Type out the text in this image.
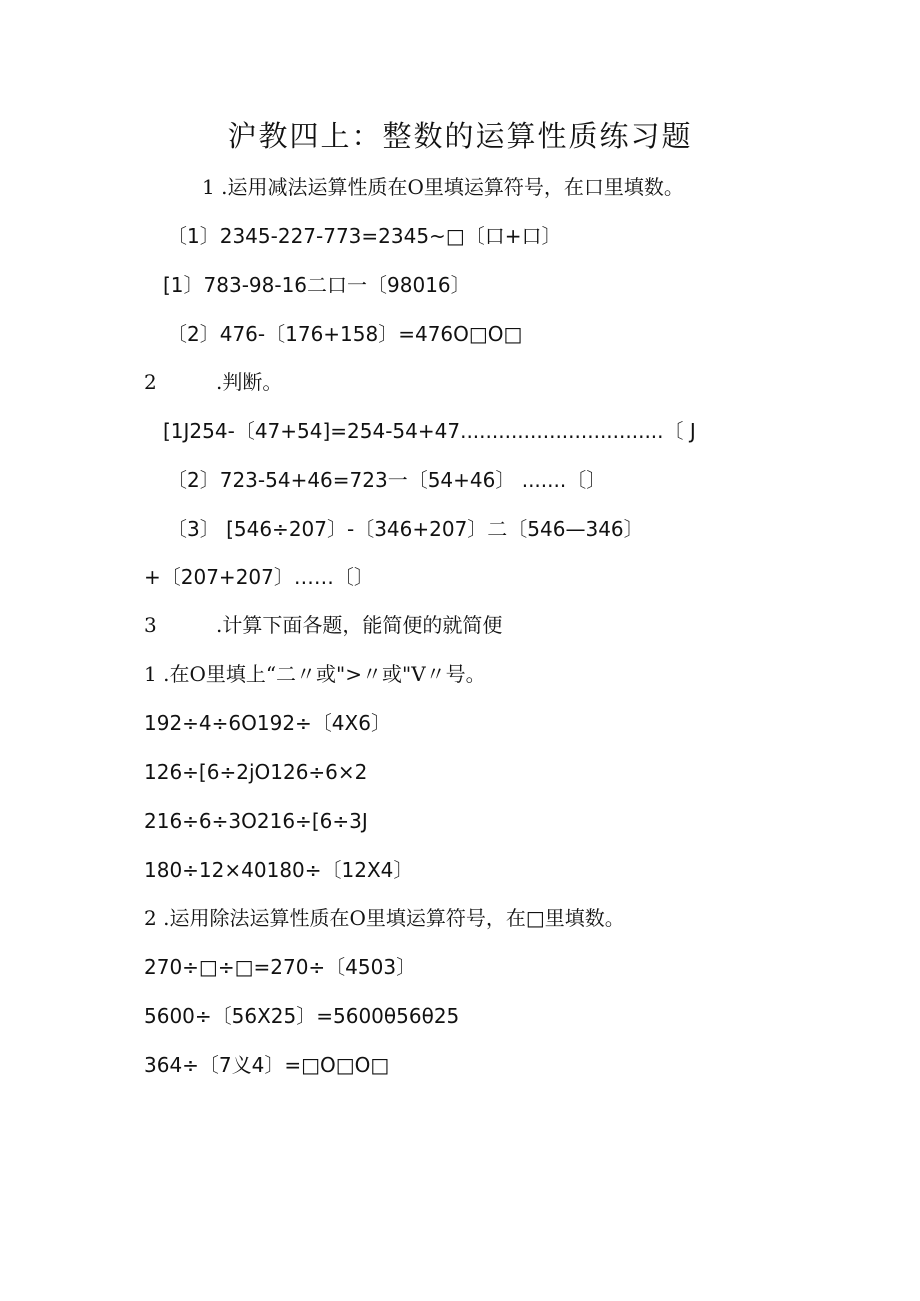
沪教四上：整数的运算性质练习题
1 .运用减法运算性质在O里填运算符号，在口里填数。
〔1〕2345-227-773=2345~□〔口+口〕
[1〕783-98-16二口一〔98016〕
〔2〕476-〔176+158〕=476O□O□
2	.判断。
[1J254-〔47+54]=254-54+47................................〔 J
〔2〕723-54+46=723一〔54+46〕 .......〔〕
〔3〕 [546÷207〕-〔346+207〕二〔546—346〕
+〔207+207〕……〔〕
3	.计算下面各题，能简便的就简便
1 .在O里填上“二〃或">〃或"V〃号。
192÷4÷6O192÷〔4X6〕
126÷[6÷2jO126÷6×2
216÷6÷3O216÷[6÷3J
180÷12×40180÷〔12X4〕
2 .运用除法运算性质在O里填运算符号，在□里填数。
270÷□÷□=270÷〔4503〕
5600÷〔56X25〕=5600θ56θ25
364÷〔7义4〕=□O□O□
